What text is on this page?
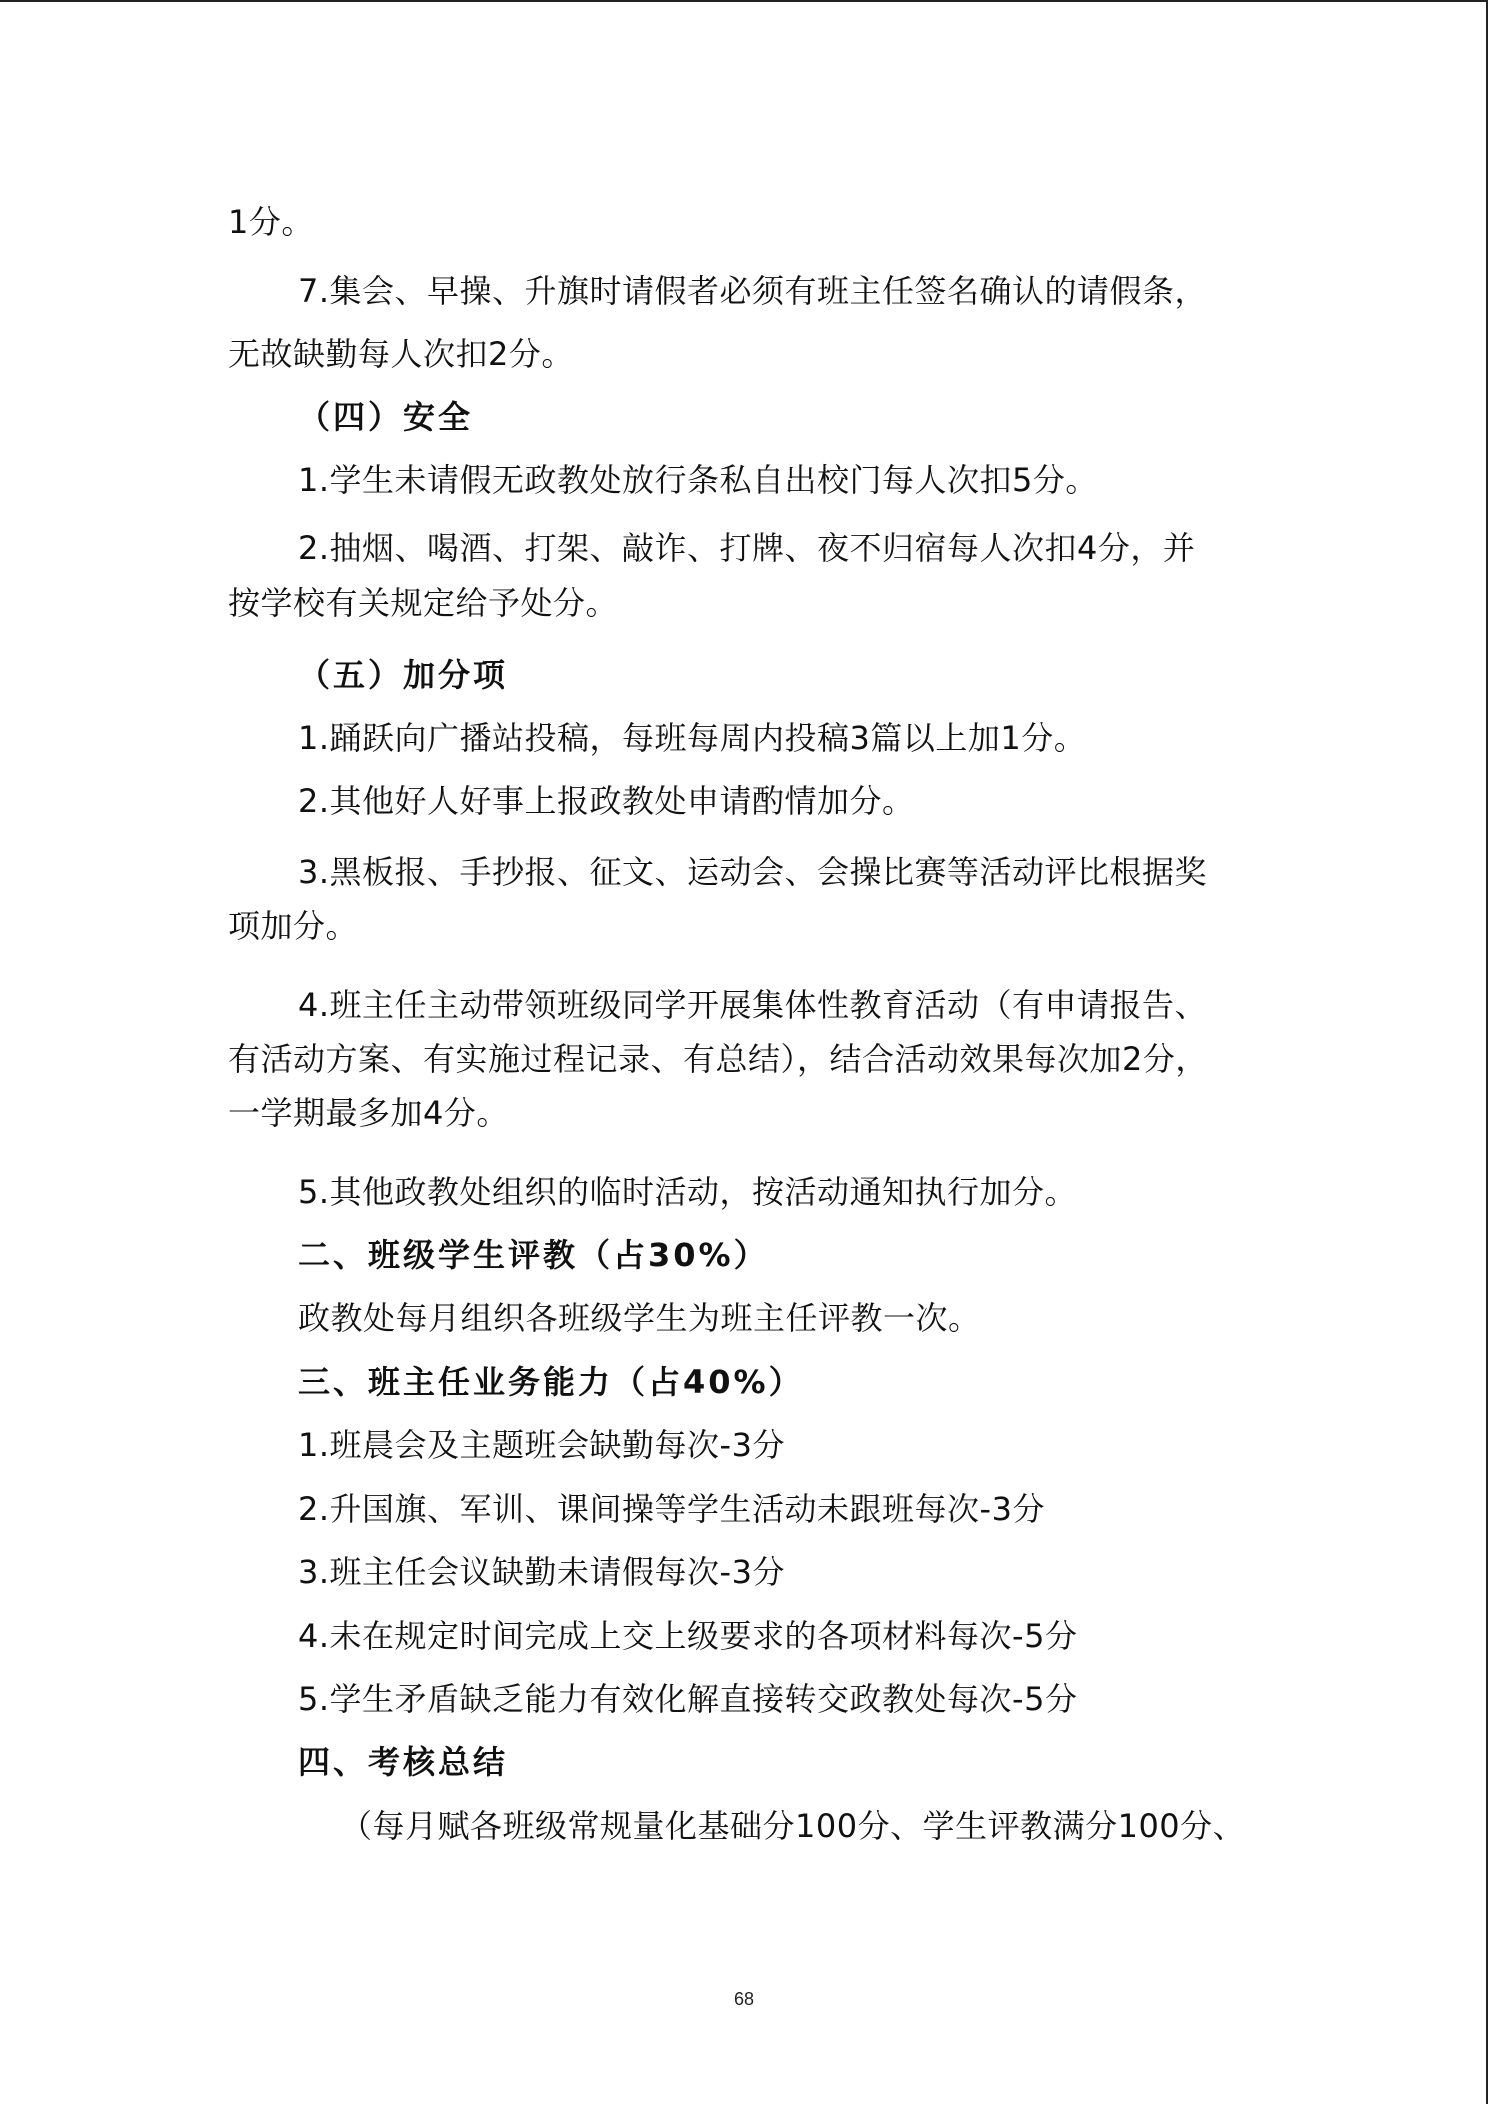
1分。
7.集会、早操、升旗时请假者必须有班主任签名确认的请假条，
无故缺勤每人次扣2分。
（四）安全
1.学生未请假无政教处放行条私自出校门每人次扣5分。
2.抽烟、喝酒、打架、敲诈、打牌、夜不归宿每人次扣4分，并
按学校有关规定给予处分。
（五）加分项
1.踊跃向广播站投稿，每班每周内投稿3篇以上加1分。
2.其他好人好事上报政教处申请酌情加分。
3.黑板报、手抄报、征文、运动会、会操比赛等活动评比根据奖
项加分。
4.班主任主动带领班级同学开展集体性教育活动（有申请报告、
有活动方案、有实施过程记录、有总结），结合活动效果每次加2分，
一学期最多加4分。
5.其他政教处组织的临时活动，按活动通知执行加分。
二、班级学生评教（占30%）
政教处每月组织各班级学生为班主任评教一次。
三、班主任业务能力（占40%）
1.班晨会及主题班会缺勤每次-3分
2.升国旗、军训、课间操等学生活动未跟班每次-3分
3.班主任会议缺勤未请假每次-3分
4.未在规定时间完成上交上级要求的各项材料每次-5分
5.学生矛盾缺乏能力有效化解直接转交政教处每次-5分
四、考核总结
（每月赋各班级常规量化基础分100分、学生评教满分100分、
68
